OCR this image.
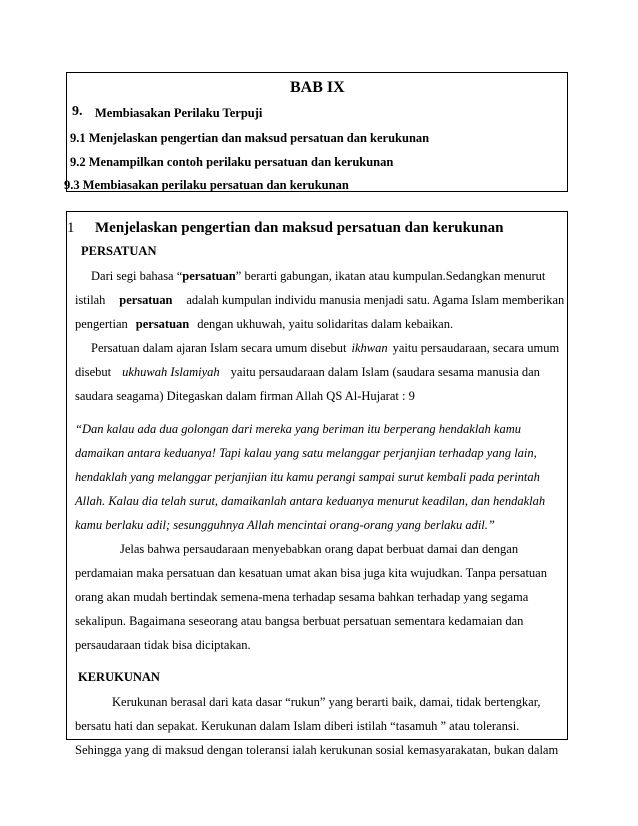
BAB IX
9. Membiasakan Perilaku Terpuji
9.1 Menjelaskan pengertian dan maksud persatuan dan kerukunan
9.2 Menampilkan contoh perilaku persatuan dan kerukunan
9.3 Membiasakan perilaku persatuan dan kerukunan
1 Menjelaskan pengertian dan maksud persatuan dan kerukunan
PERSATUAN
Dari segi bahasa “persatuan” berarti gabungan, ikatan atau kumpulan.Sedangkan menurut
istilah persatuan adalah kumpulan individu manusia menjadi satu. Agama Islam memberikan
pengertian persatuan dengan ukhuwah, yaitu solidaritas dalam kebaikan.
Persatuan dalam ajaran Islam secara umum disebut ikhwan yaitu persaudaraan, secara umum
disebut ukhuwah Islamiyah yaitu persaudaraan dalam Islam (saudara sesama manusia dan
saudara seagama) Ditegaskan dalam firman Allah QS Al-Hujarat : 9
“Dan kalau ada dua golongan dari mereka yang beriman itu berperang hendaklah kamu
damaikan antara keduanya! Tapi kalau yang satu melanggar perjanjian terhadap yang lain,
hendaklah yang melanggar perjanjian itu kamu perangi sampai surut kembali pada perintah
Allah. Kalau dia telah surut, damaikanlah antara keduanya menurut keadilan, dan hendaklah
kamu berlaku adil; sesungguhnya Allah mencintai orang-orang yang berlaku adil.”
Jelas bahwa persaudaraan menyebabkan orang dapat berbuat damai dan dengan
perdamaian maka persatuan dan kesatuan umat akan bisa juga kita wujudkan. Tanpa persatuan
orang akan mudah bertindak semena-mena terhadap sesama bahkan terhadap yang segama
sekalipun. Bagaimana seseorang atau bangsa berbuat persatuan sementara kedamaian dan
persaudaraan tidak bisa diciptakan.
KERUKUNAN
Kerukunan berasal dari kata dasar “rukun” yang berarti baik, damai, tidak bertengkar,
bersatu hati dan sepakat. Kerukunan dalam Islam diberi istilah “tasamuh ” atau toleransi.
Sehingga yang di maksud dengan toleransi ialah kerukunan sosial kemasyarakatan, bukan dalam
